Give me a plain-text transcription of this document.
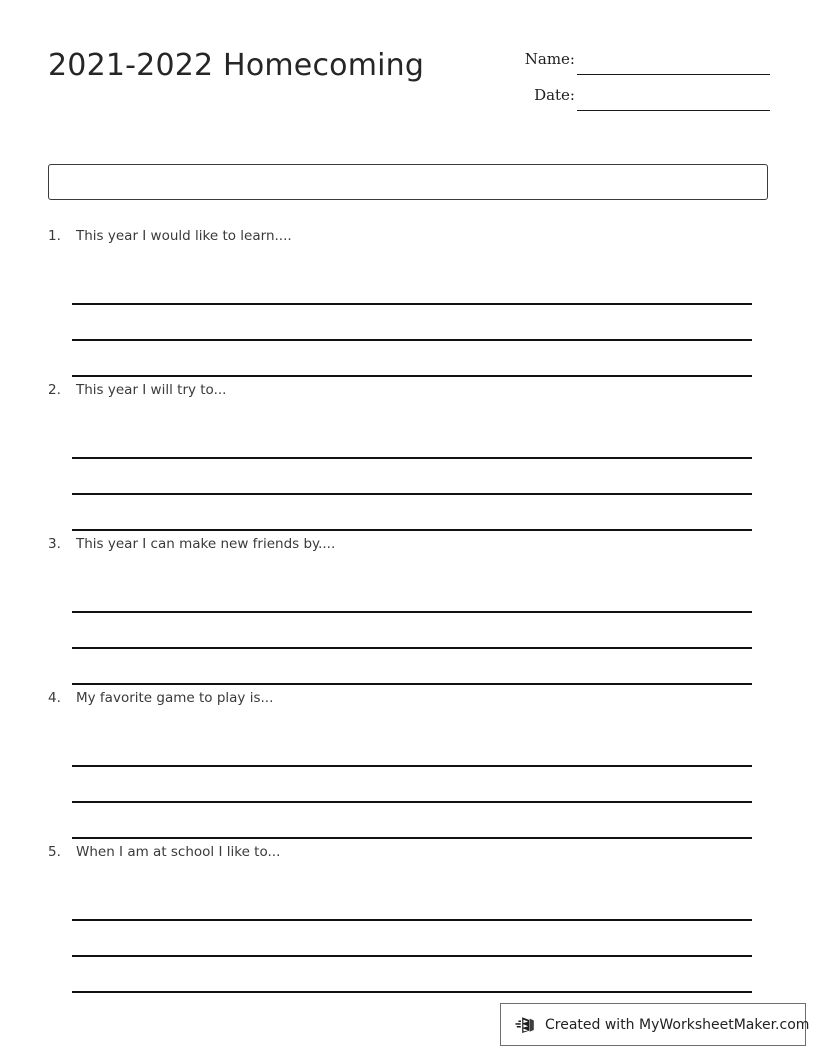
2021-2022 Homecoming	Name:
Date:
1.	This year I would like to learn....
2.	This year I will try to...
3.	This year I can make new friends by....
4.	My favorite game to play is...
5.	When I am at school I like to...
Created with MyWorksheetMaker.com
